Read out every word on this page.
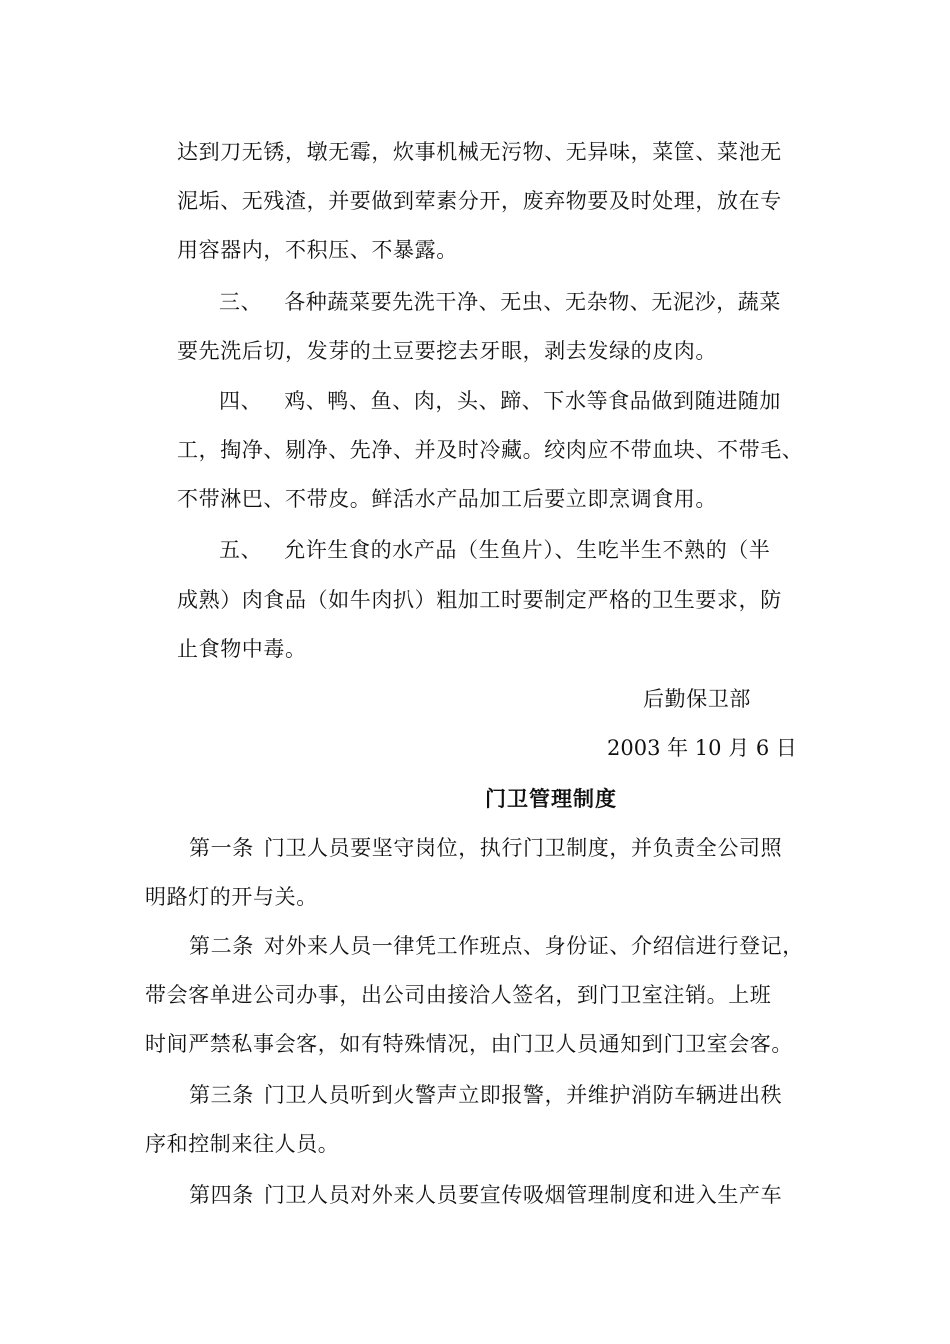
达到刀无锈，墩无霉，炊事机械无污物、无异味，菜筐、菜池无
泥垢、无残渣，并要做到荤素分开，废弃物要及时处理，放在专
用容器内，不积压、不暴露。
三、 各种蔬菜要先洗干净、无虫、无杂物、无泥沙，蔬菜
要先洗后切，发芽的土豆要挖去牙眼，剥去发绿的皮肉。
四、 鸡、鸭、鱼、肉，头、蹄、下水等食品做到随进随加
工，掏净、剔净、先净、并及时冷藏。绞肉应不带血块、不带毛、
不带淋巴、不带皮。鲜活水产品加工后要立即烹调食用。
五、 允许生食的水产品（生鱼片）、生吃半生不熟的（半
成熟）肉食品（如牛肉扒）粗加工时要制定严格的卫生要求，防
止食物中毒。
后勤保卫部
2003 年 10 月 6 日
门卫管理制度
第一条 门卫人员要坚守岗位，执行门卫制度，并负责全公司照
明路灯的开与关。
第二条 对外来人员一律凭工作班点、身份证、介绍信进行登记，
带会客单进公司办事，出公司由接洽人签名，到门卫室注销。上班
时间严禁私事会客，如有特殊情况，由门卫人员通知到门卫室会客。
第三条 门卫人员听到火警声立即报警，并维护消防车辆进出秩
序和控制来往人员。
第四条 门卫人员对外来人员要宣传吸烟管理制度和进入生产车
